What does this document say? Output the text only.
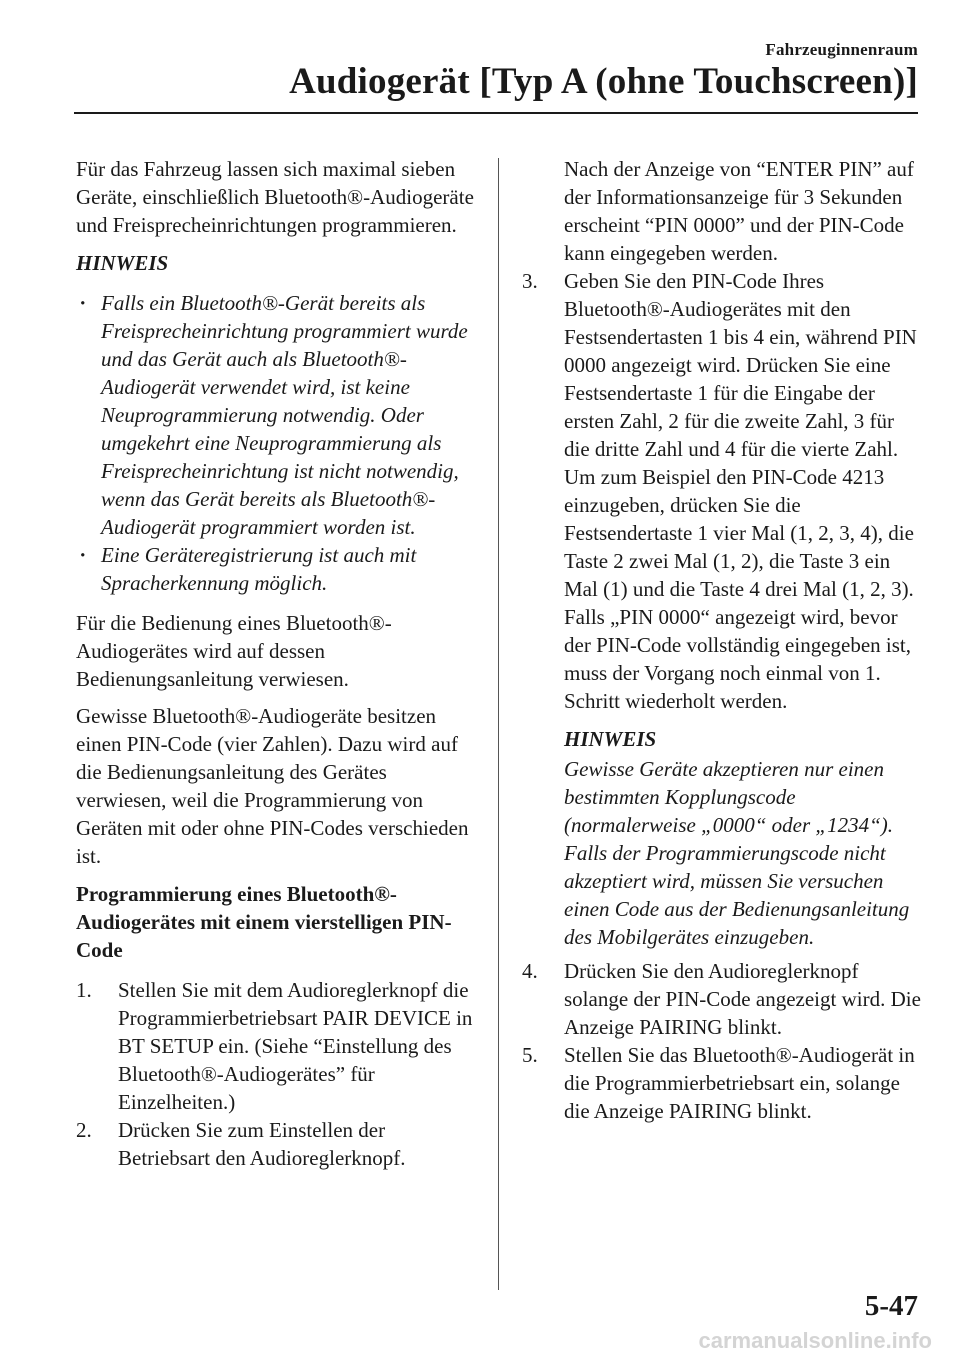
Fahrzeuginnenraum
Audiogerät [Typ A (ohne Touchscreen)]

Für das Fahrzeug lassen sich maximal sieben Geräte, einschließlich Bluetooth®-Audiogeräte und Freisprecheinrichtungen programmieren.

HINWEIS
· Falls ein Bluetooth®-Gerät bereits als Freisprecheinrichtung programmiert wurde und das Gerät auch als Bluetooth®-Audiogerät verwendet wird, ist keine Neuprogrammierung notwendig. Oder umgekehrt eine Neuprogrammierung als Freisprecheinrichtung ist nicht notwendig, wenn das Gerät bereits als Bluetooth®-Audiogerät programmiert worden ist.
· Eine Geräteregistrierung ist auch mit Spracherkennung möglich.

Für die Bedienung eines Bluetooth®-Audiogerätes wird auf dessen Bedienungsanleitung verwiesen.

Gewisse Bluetooth®-Audiogeräte besitzen einen PIN-Code (vier Zahlen). Dazu wird auf die Bedienungsanleitung des Gerätes verwiesen, weil die Programmierung von Geräten mit oder ohne PIN-Codes verschieden ist.

Programmierung eines Bluetooth®-Audiogerätes mit einem vierstelligen PIN-Code
1. Stellen Sie mit dem Audioreglerknopf die Programmierbetriebsart PAIR DEVICE in BT SETUP ein. (Siehe “Einstellung des Bluetooth®-Audiogerätes” für Einzelheiten.)
2. Drücken Sie zum Einstellen der Betriebsart den Audioreglerknopf.
Nach der Anzeige von “ENTER PIN” auf der Informationsanzeige für 3 Sekunden erscheint “PIN 0000” und der PIN-Code kann eingegeben werden.
3. Geben Sie den PIN-Code Ihres Bluetooth®-Audiogerätes mit den Festsendertasten 1 bis 4 ein, während PIN 0000 angezeigt wird. Drücken Sie eine Festsendertaste 1 für die Eingabe der ersten Zahl, 2 für die zweite Zahl, 3 für die dritte Zahl und 4 für die vierte Zahl. Um zum Beispiel den PIN-Code 4213 einzugeben, drücken Sie die Festsendertaste 1 vier Mal (1, 2, 3, 4), die Taste 2 zwei Mal (1, 2), die Taste 3 ein Mal (1) und die Taste 4 drei Mal (1, 2, 3). Falls „PIN 0000“ angezeigt wird, bevor der PIN-Code vollständig eingegeben ist, muss der Vorgang noch einmal von 1. Schritt wiederholt werden.
HINWEIS
Gewisse Geräte akzeptieren nur einen bestimmten Kopplungscode (normalerweise „0000“ oder „1234“). Falls der Programmierungscode nicht akzeptiert wird, müssen Sie versuchen einen Code aus der Bedienungsanleitung des Mobilgerätes einzugeben.
4. Drücken Sie den Audioreglerknopf solange der PIN-Code angezeigt wird. Die Anzeige PAIRING blinkt.
5. Stellen Sie das Bluetooth®-Audiogerät in die Programmierbetriebsart ein, solange die Anzeige PAIRING blinkt.
5-47
carmanualsonline.info
